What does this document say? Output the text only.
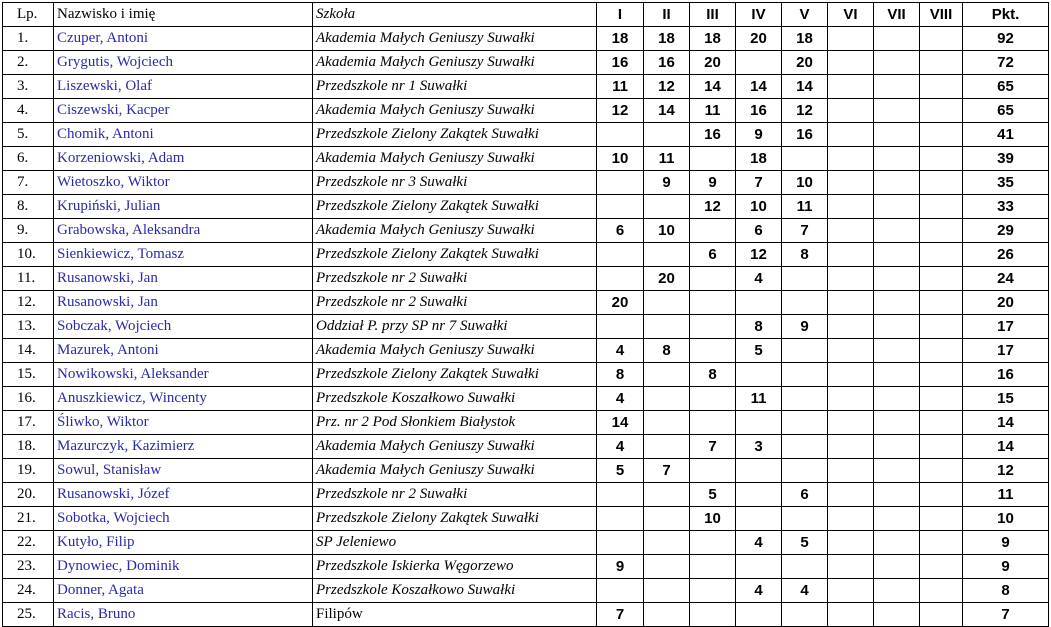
Lp.	Nazwisko i imię	Szkoła	I	II	III	IV	V	VI	VII	VIII	Pkt.
1.	Czuper, Antoni	Akademia Małych Geniuszy Suwałki	18	18	18	20	18				92
2.	Grygutis, Wojciech	Akademia Małych Geniuszy Suwałki	16	16	20		20				72
3.	Liszewski, Olaf	Przedszkole nr 1 Suwałki	11	12	14	14	14				65
4.	Ciszewski, Kacper	Akademia Małych Geniuszy Suwałki	12	14	11	16	12				65
5.	Chomik, Antoni	Przedszkole Zielony Zakątek Suwałki			16	9	16				41
6.	Korzeniowski, Adam	Akademia Małych Geniuszy Suwałki	10	11		18					39
7.	Wietoszko, Wiktor	Przedszkole nr 3 Suwałki		9	9	7	10				35
8.	Krupiński, Julian	Przedszkole Zielony Zakątek Suwałki			12	10	11				33
9.	Grabowska, Aleksandra	Akademia Małych Geniuszy Suwałki	6	10		6	7				29
10.	Sienkiewicz, Tomasz	Przedszkole Zielony Zakątek Suwałki			6	12	8				26
11.	Rusanowski, Jan	Przedszkole nr 2 Suwałki		20		4					24
12.	Rusanowski, Jan	Przedszkole nr 2 Suwałki	20								20
13.	Sobczak, Wojciech	Oddział P. przy SP nr 7 Suwałki				8	9				17
14.	Mazurek, Antoni	Akademia Małych Geniuszy Suwałki	4	8		5					17
15.	Nowikowski, Aleksander	Przedszkole Zielony Zakątek Suwałki	8		8						16
16.	Anuszkiewicz, Wincenty	Przedszkole Koszałkowo Suwałki	4			11					15
17.	Śliwko, Wiktor	Prz. nr 2 Pod Słonkiem Białystok	14								14
18.	Mazurczyk, Kazimierz	Akademia Małych Geniuszy Suwałki	4		7	3					14
19.	Sowul, Stanisław	Akademia Małych Geniuszy Suwałki	5	7							12
20.	Rusanowski, Józef	Przedszkole nr 2 Suwałki			5		6				11
21.	Sobotka, Wojciech	Przedszkole Zielony Zakątek Suwałki			10						10
22.	Kutyło, Filip	SP Jeleniewo				4	5				9
23.	Dynowiec, Dominik	Przedszkole Iskierka Węgorzewo	9								9
24.	Donner, Agata	Przedszkole Koszałkowo Suwałki				4	4				8
25.	Racis, Bruno	Filipów	7								7
